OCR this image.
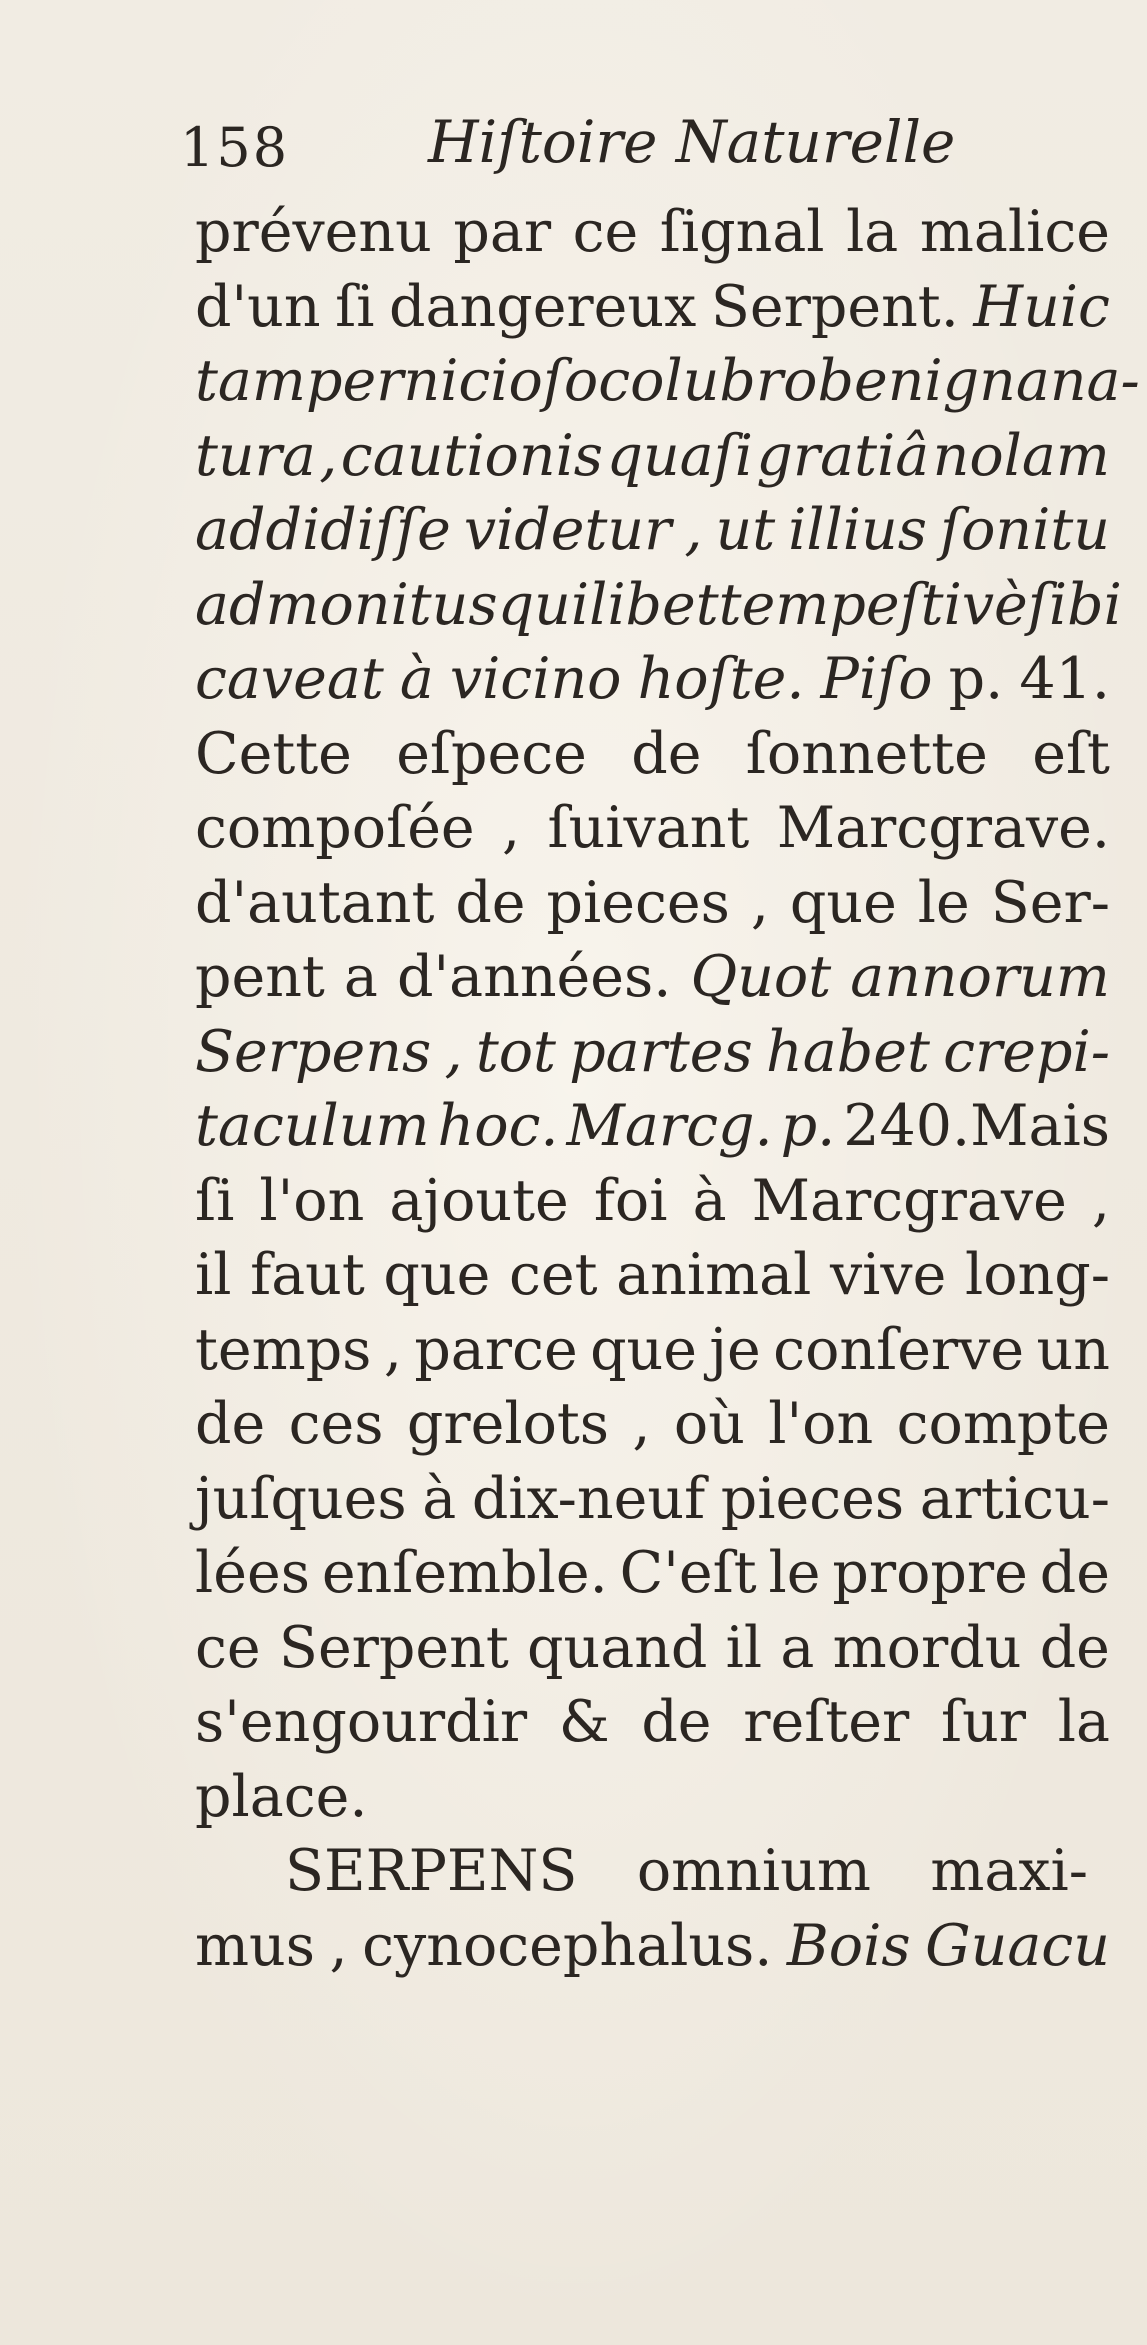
158 Hiſtoire Naturelle
prévenu par ce ſignal la malice
d'un ſi dangereux Serpent. Huic
tam pernicioſo colubro benigna na-
tura , cautionis quaſi gratiâ nolam
addidiſſe videtur , ut illius ſonitu
admonitus quilibet tempeſtivè ſibi
caveat à vicino hoſte. Piſo p. 41.
Cette eſpece de ſonnette eſt
compoſée , ſuivant Marcgrave.
d'autant de pieces , que le Ser-
pent a d'années. Quot annorum
Serpens , tot partes habet crepi-
taculum hoc. Marcg. p. 240.Mais
ſi l'on ajoute foi à Marcgrave ,
il faut que cet animal vive long-
temps , parce que je conſerve un
de ces grelots , où l'on compte
juſques à dix-neuf pieces articu-
lées enſemble. C'eſt le propre de
ce Serpent quand il a mordu de
s'engourdir & de reſter ſur la
place.
SERPENS omnium maxi-
mus , cynocephalus. Bois Guacu
